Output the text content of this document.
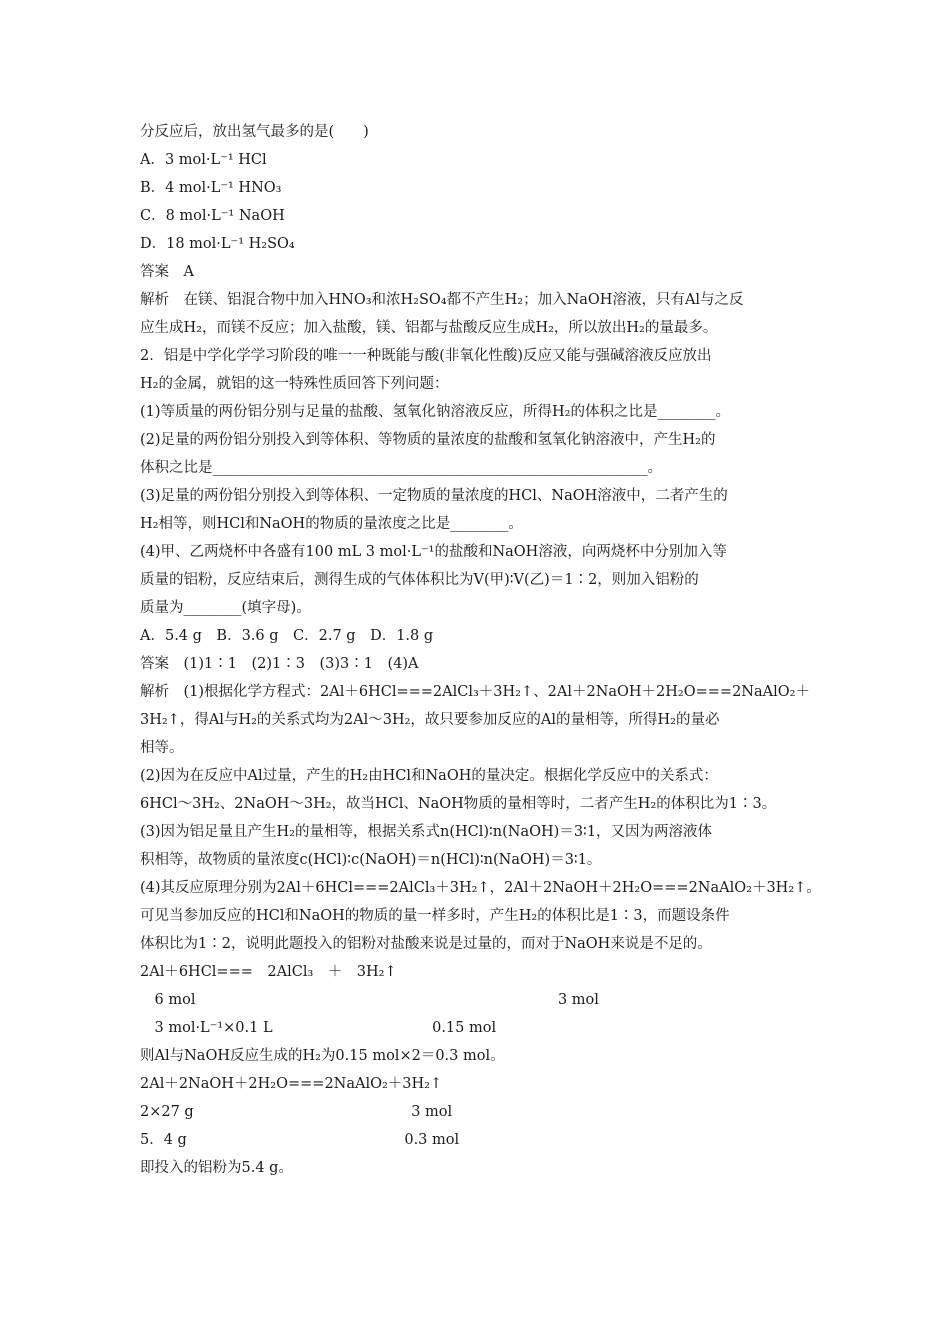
分反应后，放出氢气最多的是(　　)
A．3 mol·L⁻¹ HCl
B．4 mol·L⁻¹ HNO₃
C．8 mol·L⁻¹ NaOH
D．18 mol·L⁻¹ H₂SO₄
答案　A
解析　在镁、铝混合物中加入HNO₃和浓H₂SO₄都不产生H₂；加入NaOH溶液，只有Al与之反
应生成H₂，而镁不反应；加入盐酸，镁、铝都与盐酸反应生成H₂，所以放出H₂的量最多。
2．铝是中学化学学习阶段的唯一一种既能与酸(非氧化性酸)反应又能与强碱溶液反应放出
H₂的金属，就铝的这一特殊性质回答下列问题：
(1)等质量的两份铝分别与足量的盐酸、氢氧化钠溶液反应，所得H₂的体积之比是________。
(2)足量的两份铝分别投入到等体积、等物质的量浓度的盐酸和氢氧化钠溶液中，产生H₂的
体积之比是____________________________________________________________。
(3)足量的两份铝分别投入到等体积、一定物质的量浓度的HCl、NaOH溶液中，二者产生的
H₂相等，则HCl和NaOH的物质的量浓度之比是________。
(4)甲、乙两烧杯中各盛有100 mL 3 mol·L⁻¹的盐酸和NaOH溶液，向两烧杯中分别加入等
质量的铝粉，反应结束后，测得生成的气体体积比为V(甲)∶V(乙)＝1∶2，则加入铝粉的
质量为________(填字母)。
A．5.4 g　B．3.6 g　C．2.7 g　D．1.8 g
答案　(1)1∶1　(2)1∶3　(3)3∶1　(4)A
解析　(1)根据化学方程式：2Al＋6HCl===2AlCl₃＋3H₂↑、2Al＋2NaOH＋2H₂O===2NaAlO₂＋
3H₂↑，得Al与H₂的关系式均为2Al～3H₂，故只要参加反应的Al的量相等，所得H₂的量必
相等。
(2)因为在反应中Al过量，产生的H₂由HCl和NaOH的量决定。根据化学反应中的关系式：
6HCl～3H₂、2NaOH～3H₂，故当HCl、NaOH物质的量相等时，二者产生H₂的体积比为1∶3。
(3)因为铝足量且产生H₂的量相等，根据关系式n(HCl)∶n(NaOH)＝3∶1，又因为两溶液体
积相等，故物质的量浓度c(HCl)∶c(NaOH)＝n(HCl)∶n(NaOH)＝3∶1。
(4)其反应原理分别为2Al＋6HCl===2AlCl₃＋3H₂↑，2Al＋2NaOH＋2H₂O===2NaAlO₂＋3H₂↑。
可见当参加反应的HCl和NaOH的物质的量一样多时，产生H₂的体积比是1∶3，而题设条件
体积比为1∶2，说明此题投入的铝粉对盐酸来说是过量的，而对于NaOH来说是不足的。
2Al＋6HCl===　2AlCl₃　＋　3H₂↑
　6 mol　　　　　　　　　　　　　　　　　　　　　　　　　3 mol
　3 mol·L⁻¹×0.1 L　　　　　　　　　　　0.15 mol
则Al与NaOH反应生成的H₂为0.15 mol×2＝0.3 mol。
2Al＋2NaOH＋2H₂O===2NaAlO₂＋3H₂↑
2×27 g　　　　　　　　　　　　　　　3 mol
5．4 g　　　　　　　　　　　　　　　0.3 mol
即投入的铝粉为5.4 g。
